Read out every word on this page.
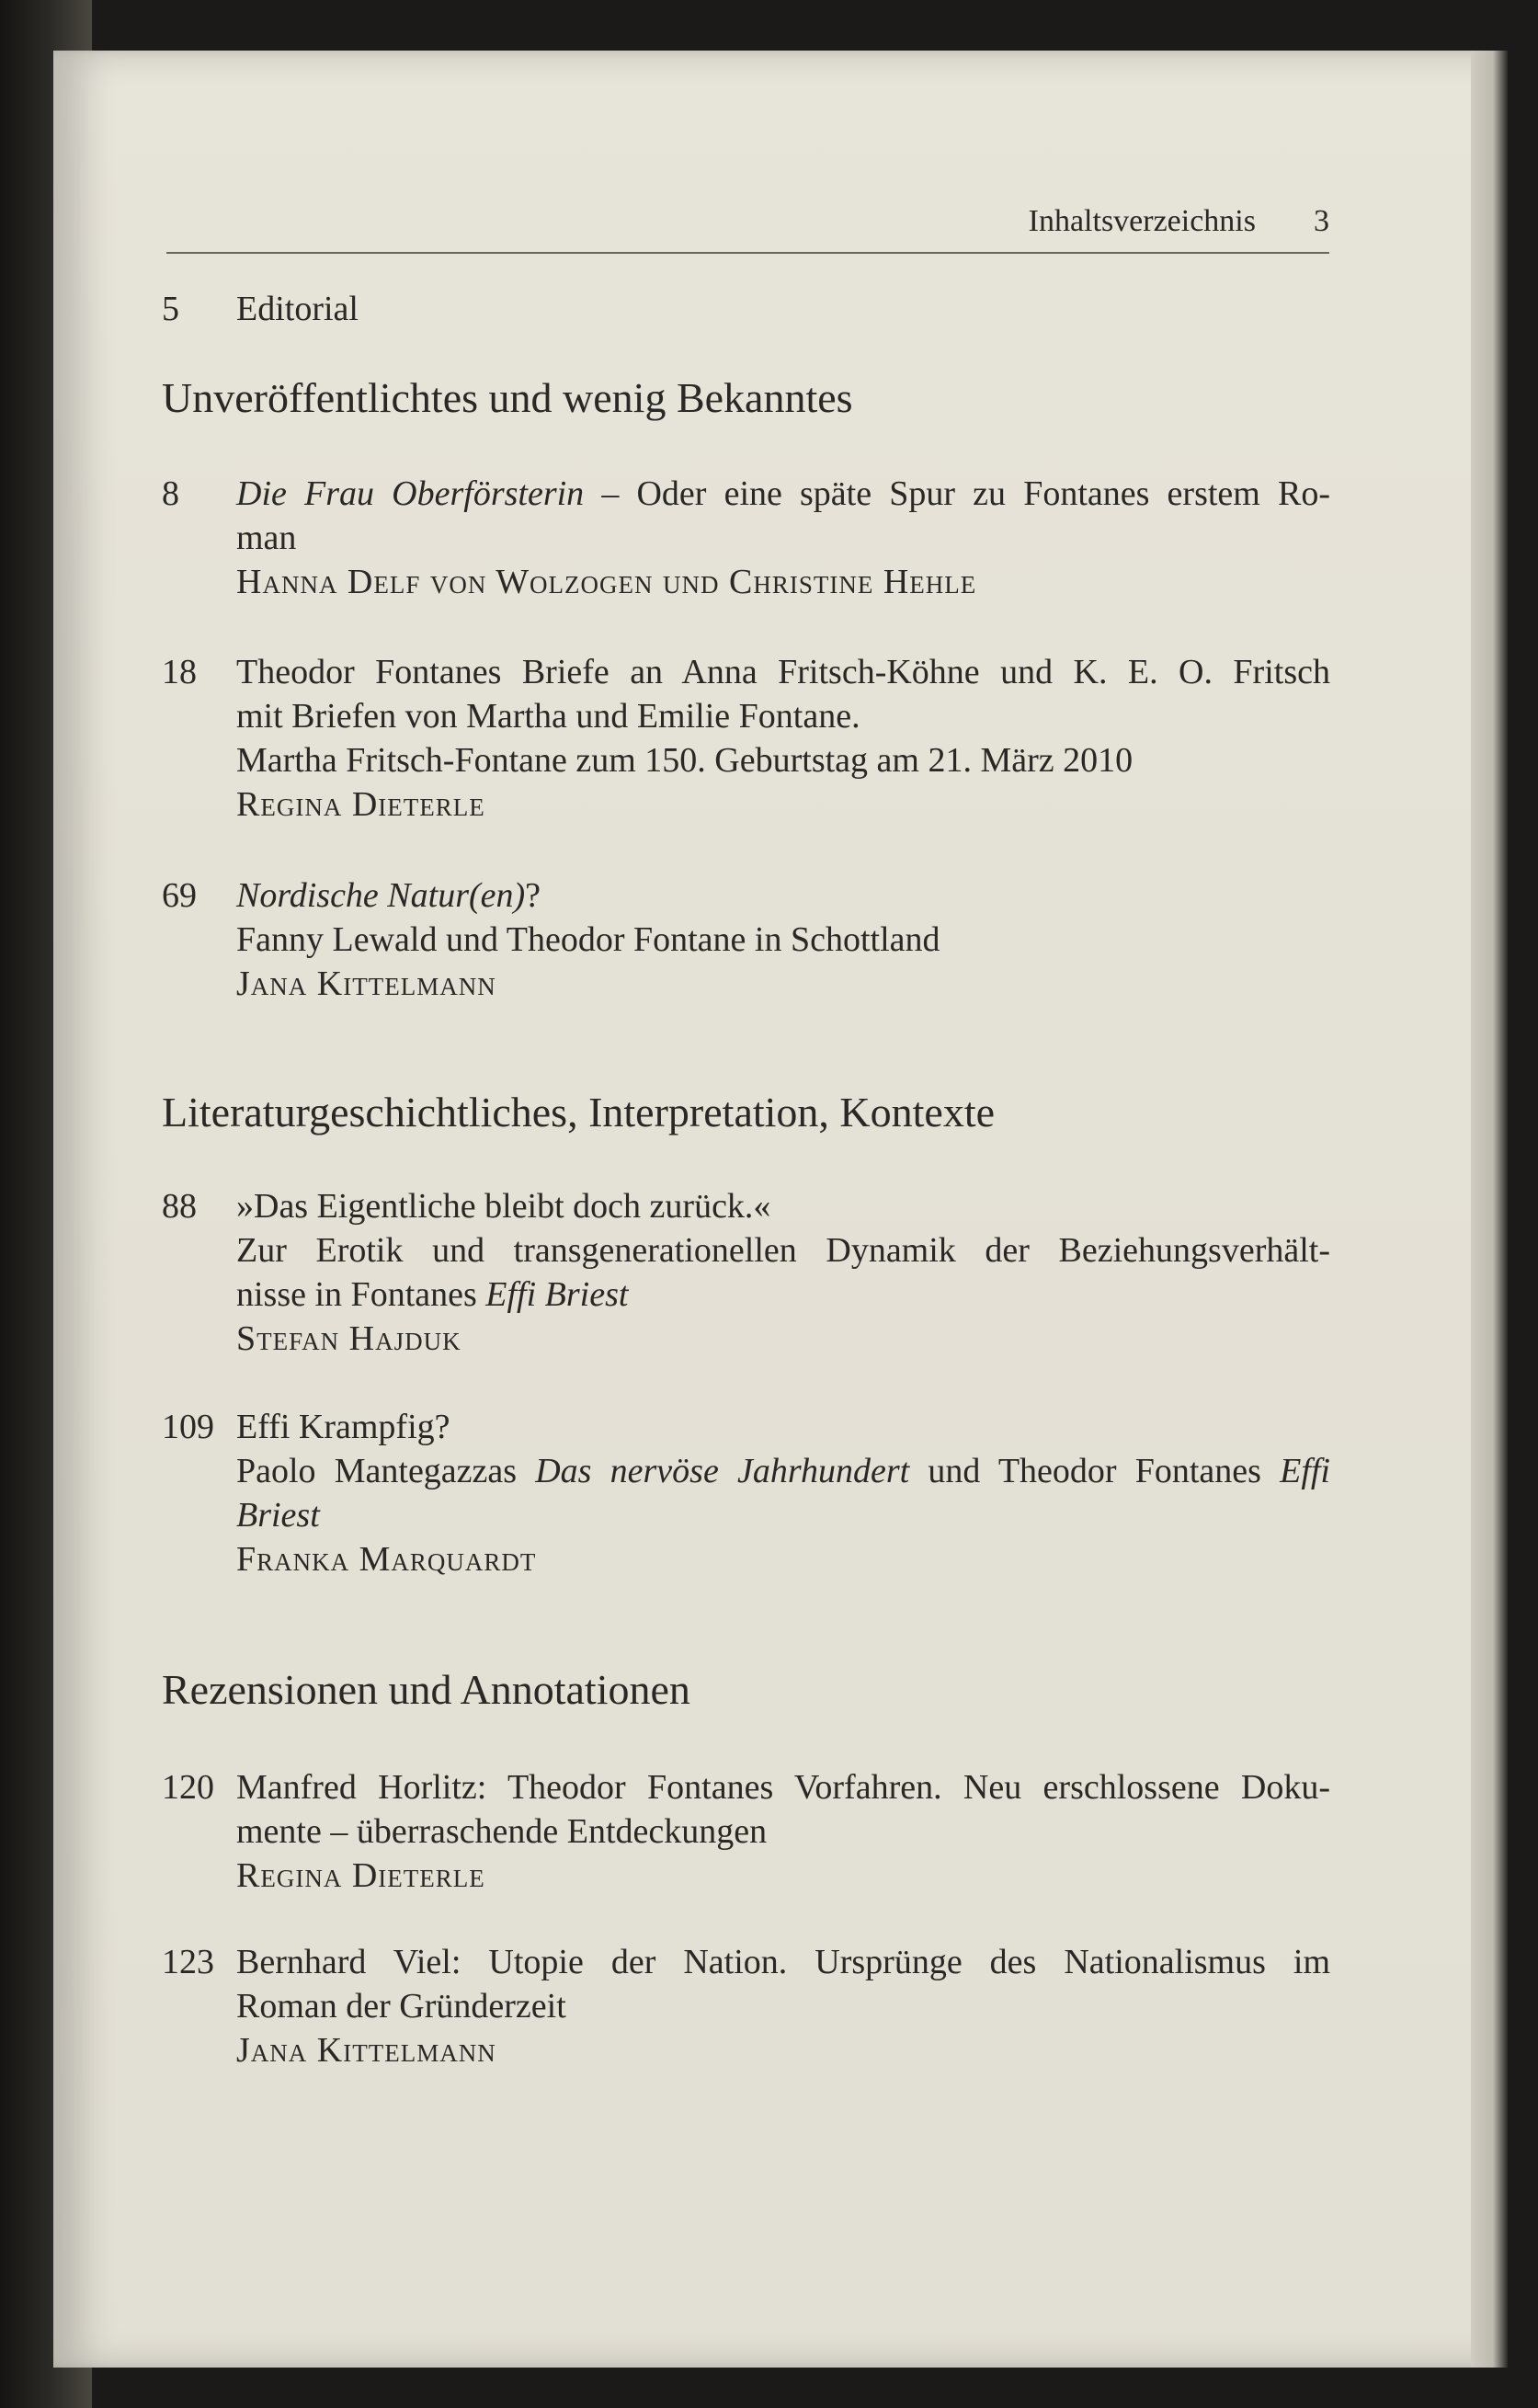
Inhaltsverzeichnis 3
5 Editorial
Unveröffentlichtes und wenig Bekanntes
8 Die Frau Oberförsterin – Oder eine späte Spur zu Fontanes erstem Ro-
man
Hanna Delf von Wolzogen und Christine Hehle
18 Theodor Fontanes Briefe an Anna Fritsch-Köhne und K. E. O. Fritsch
mit Briefen von Martha und Emilie Fontane.
Martha Fritsch-Fontane zum 150. Geburtstag am 21. März 2010
Regina Dieterle
69 Nordische Natur(en)?
Fanny Lewald und Theodor Fontane in Schottland
Jana Kittelmann
Literaturgeschichtliches, Interpretation, Kontexte
88 »Das Eigentliche bleibt doch zurück.«
Zur Erotik und transgenerationellen Dynamik der Beziehungsverhält-
nisse in Fontanes Effi Briest
Stefan Hajduk
109 Effi Krampfig?
Paolo Mantegazzas Das nervöse Jahrhundert und Theodor Fontanes Effi
Briest
Franka Marquardt
Rezensionen und Annotationen
120 Manfred Horlitz: Theodor Fontanes Vorfahren. Neu erschlossene Doku-
mente – überraschende Entdeckungen
Regina Dieterle
123 Bernhard Viel: Utopie der Nation. Ursprünge des Nationalismus im
Roman der Gründerzeit
Jana Kittelmann
